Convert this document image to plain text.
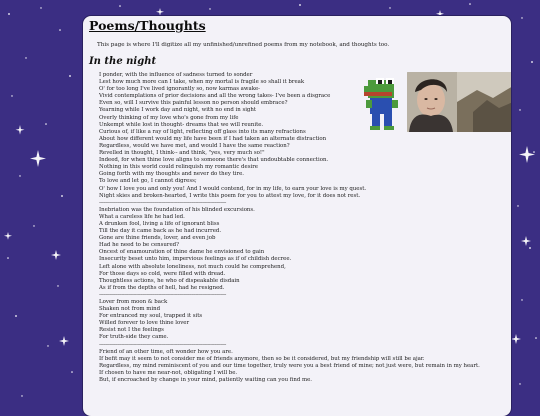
Poems/Thoughts

This page is where I'll digitize all my unfinished/unrefined poems from my notebook, and thoughts too.

In the night
I ponder, with the influence of sadness turned to sonder
Lest how much more can I take, when my mortal is fragile so shall it break
O' for too long I've lived ignorantly so, now karmas awake-
Vivid contemplations of prior decisions and all the wrong takes- I've been a disgrace
Even so, will I survive this painful lesson no person should embrace?
Yearning while I work day and night, with no end in sight
Overly thinking of my love who's gone from my life
Unkempt while lost in thought- dreams that we will reunite.
Curious of, if like a ray of light, reflecting off glass into its many refractions
About how different would my life have been if I had taken an alternate distraction
Regardless, would we have met, and would I have the same reaction?
Revelled in thought, I think-- and think, "yes, very much so!"
Indeed, for when thine love aligns to someone there's that undoubtable connection.
Nothing in this world could relinquish my romantic desire
Going forth with my thoughts and never do they tire.
To love and let go, I cannot digress;
O' how I love you and only you! And I would contend, for in my life, to earn your love is my quest.
Night skies and broken-hearted, I write this poem for you to attest my love, for it does not rest.
------------------------------------------------------------------------------------------------
Inebriation was the foundation of his blinded excursions.
What a careless life he had led.
A drunken fool, living a life of ignorant bliss
Till the day it came back as he had incurred.
Gone are thine friends, lover, and even job
Had he need to be censured?
Oncest of enamouration of thine dame he envisioned to gain
Insecurity beset unto him, impervious feelings as if of childish decree.
Left alone with absolute loneliness, not much could he comprehend,
For those days so cold, were filled with dread.
Thoughtless actions, he who of dispeakable disdain
As if from the depths of hell, had he resigned.
------------------------------------------------------------------------------------------------
Lover from moon & back
Shaken not from mind
For entranced my soul, trapped it sits
Willed forever to love thine lover
Resist not I the feelings
For truth-side they came.
------------------------------------------------------------------------------------------------
Friend of an other time, oft wonder how you are.
If befit may it seem to not consider me of friends anymore, then so be it considered, but my friendship will still be ajar.
Regardless, my mind reminiscent of you and our time together, truly were you a best friend of mine; not just were, but remain in my heart.
If chosen to have me near-not, obligating I will be.
But, if encroached by change in your mind, patiently waiting can you find me.
